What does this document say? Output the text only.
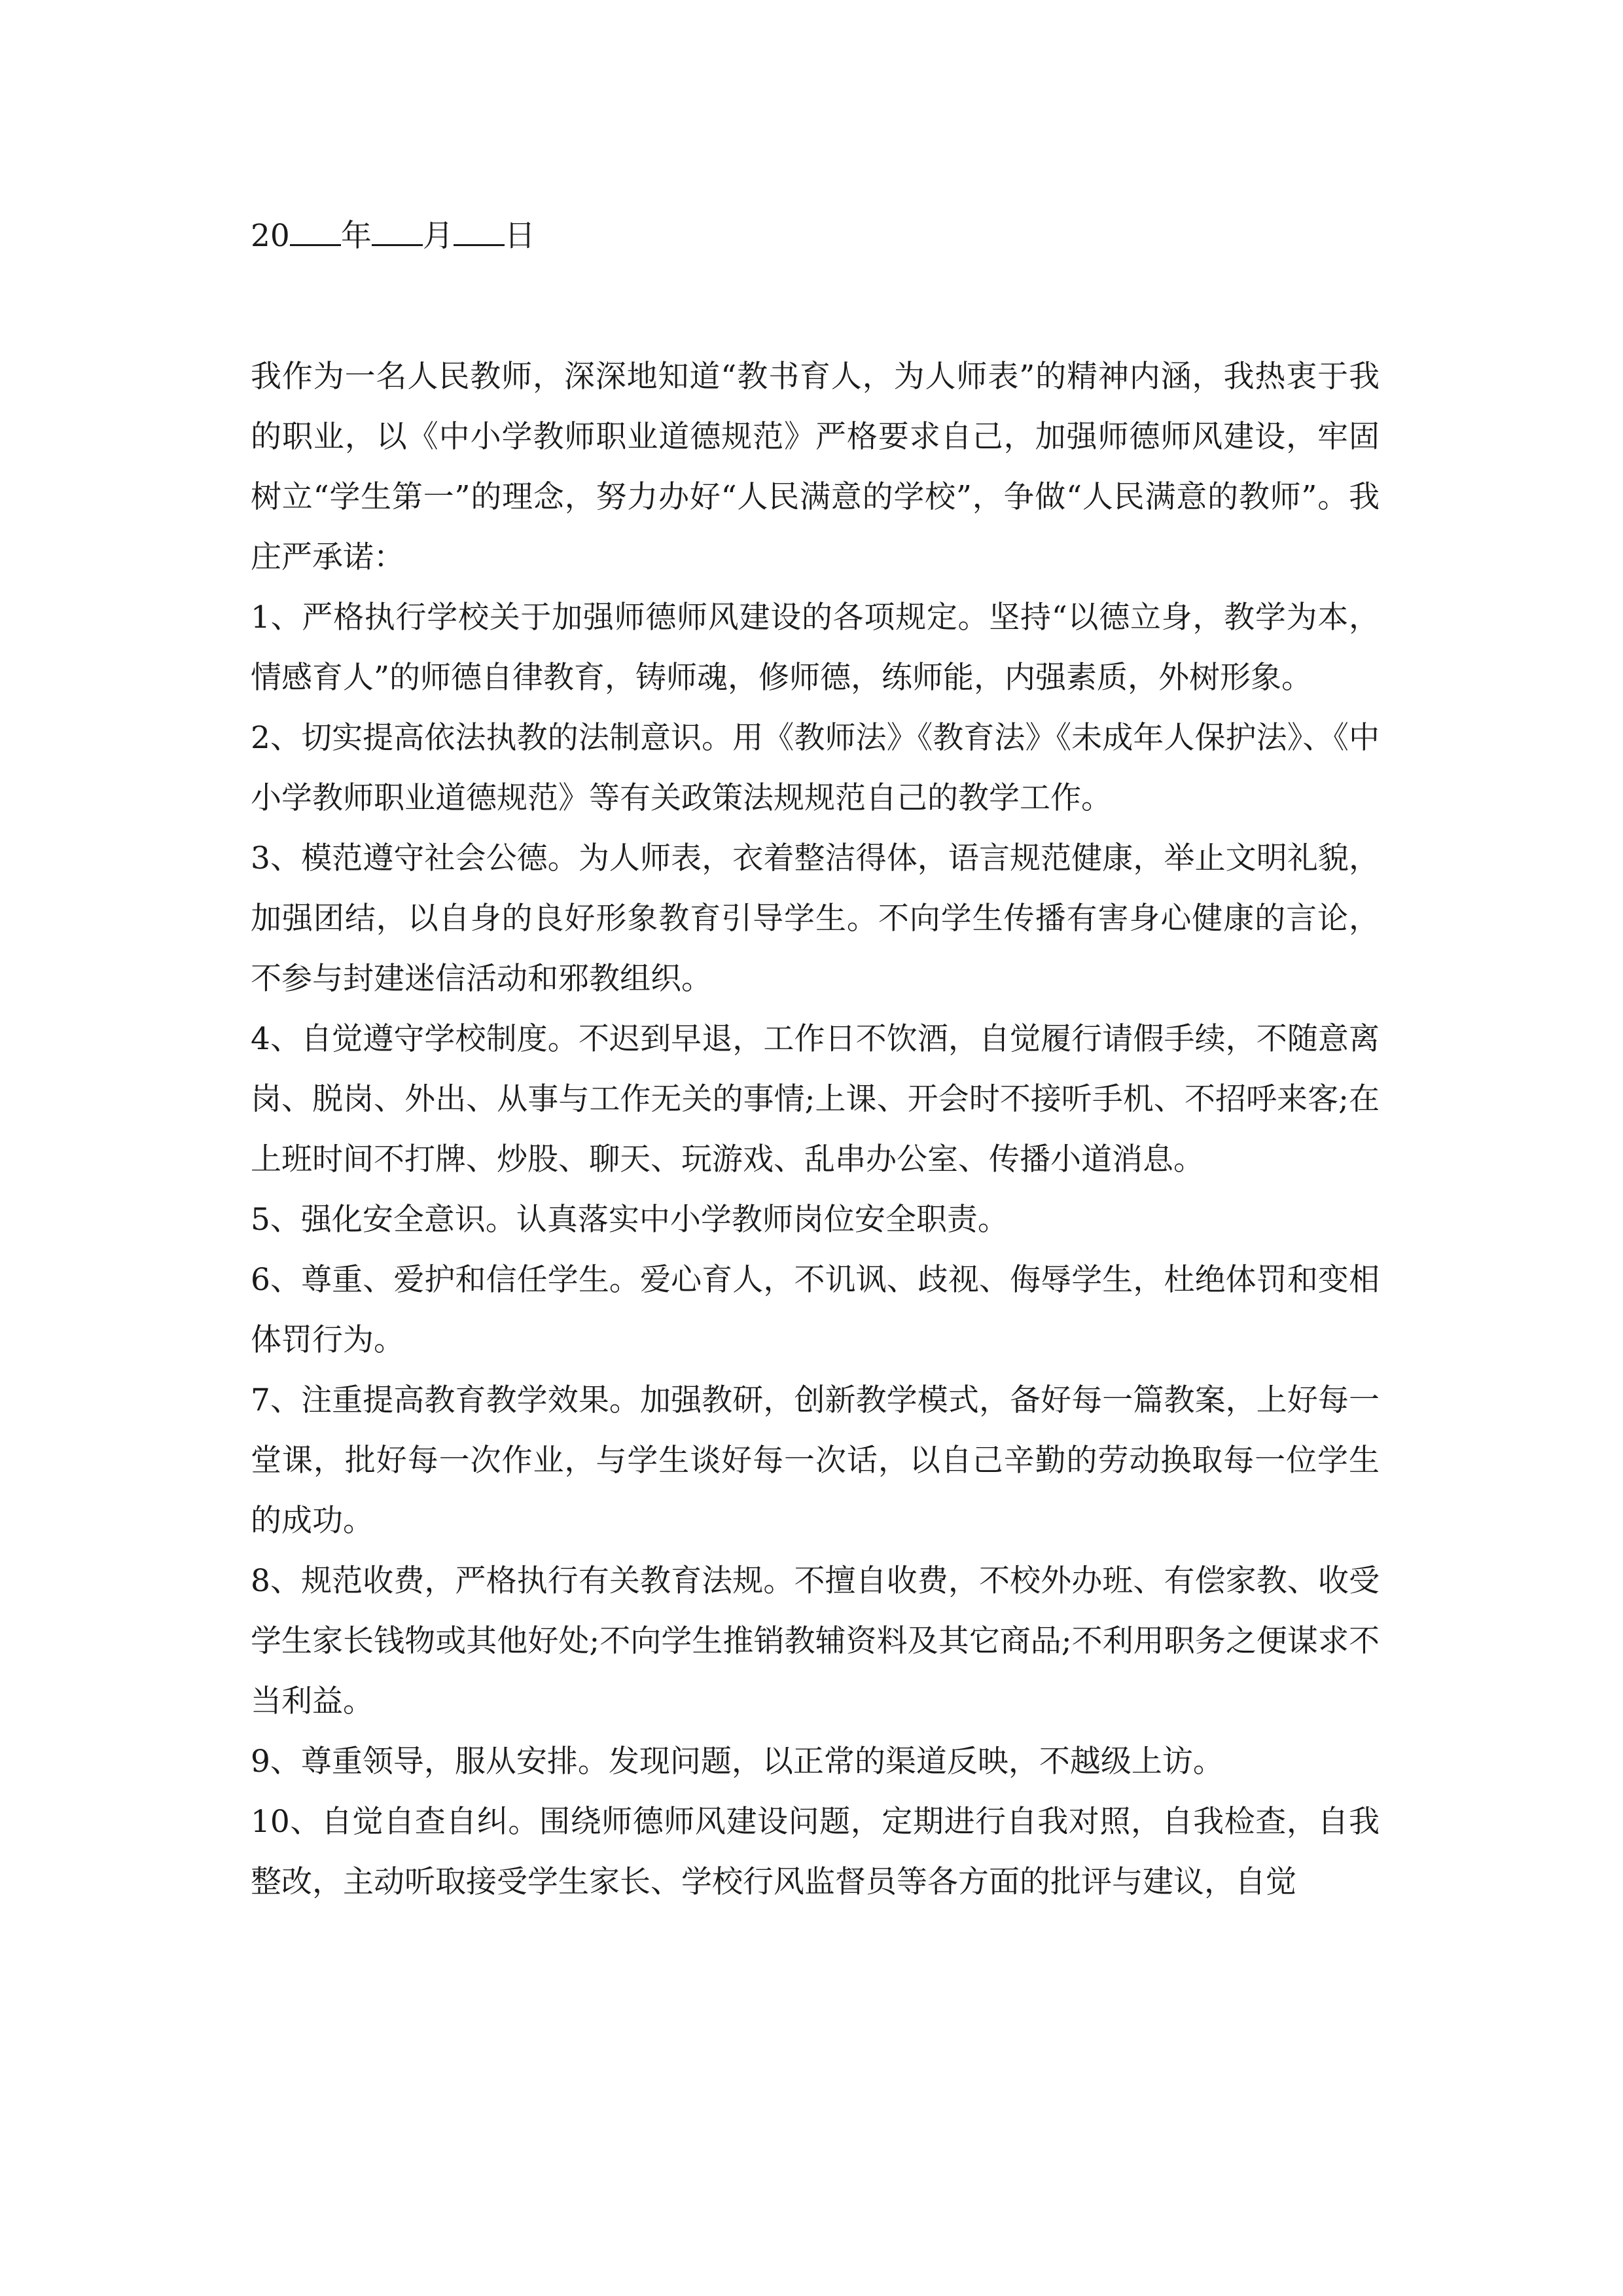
20 年 月 日

我作为一名人民教师，深深地知道“教书育人，为人师表”的精神内涵，我热衷于我的职业，以《中小学教师职业道德规范》严格要求自己，加强师德师风建设，牢固树立“学生第一”的理念，努力办好“人民满意的学校”，争做“人民满意的教师”。我庄严承诺：

1、严格执行学校关于加强师德师风建设的各项规定。坚持“以德立身，教学为本，情感育人”的师德自律教育，铸师魂，修师德，练师能，内强素质，外树形象。

2、切实提高依法执教的法制意识。用《教师法》《教育法》《未成年人保护法》、《中小学教师职业道德规范》等有关政策法规规范自己的教学工作。

3、模范遵守社会公德。为人师表，衣着整洁得体，语言规范健康，举止文明礼貌，加强团结，以自身的良好形象教育引导学生。不向学生传播有害身心健康的言论，不参与封建迷信活动和邪教组织。

4、自觉遵守学校制度。不迟到早退，工作日不饮酒，自觉履行请假手续，不随意离岗、脱岗、外出、从事与工作无关的事情;上课、开会时不接听手机、不招呼来客;在上班时间不打牌、炒股、聊天、玩游戏、乱串办公室、传播小道消息。

5、强化安全意识。认真落实中小学教师岗位安全职责。

6、尊重、爱护和信任学生。爱心育人，不讥讽、歧视、侮辱学生，杜绝体罚和变相体罚行为。

7、注重提高教育教学效果。加强教研，创新教学模式，备好每一篇教案，上好每一堂课，批好每一次作业，与学生谈好每一次话，以自己辛勤的劳动换取每一位学生的成功。

8、规范收费，严格执行有关教育法规。不擅自收费，不校外办班、有偿家教、收受学生家长钱物或其他好处;不向学生推销教辅资料及其它商品;不利用职务之便谋求不当利益。

9、尊重领导，服从安排。发现问题，以正常的渠道反映，不越级上访。

10、自觉自查自纠。围绕师德师风建设问题，定期进行自我对照，自我检查，自我整改，主动听取接受学生家长、学校行风监督员等各方面的批评与建议，自觉
